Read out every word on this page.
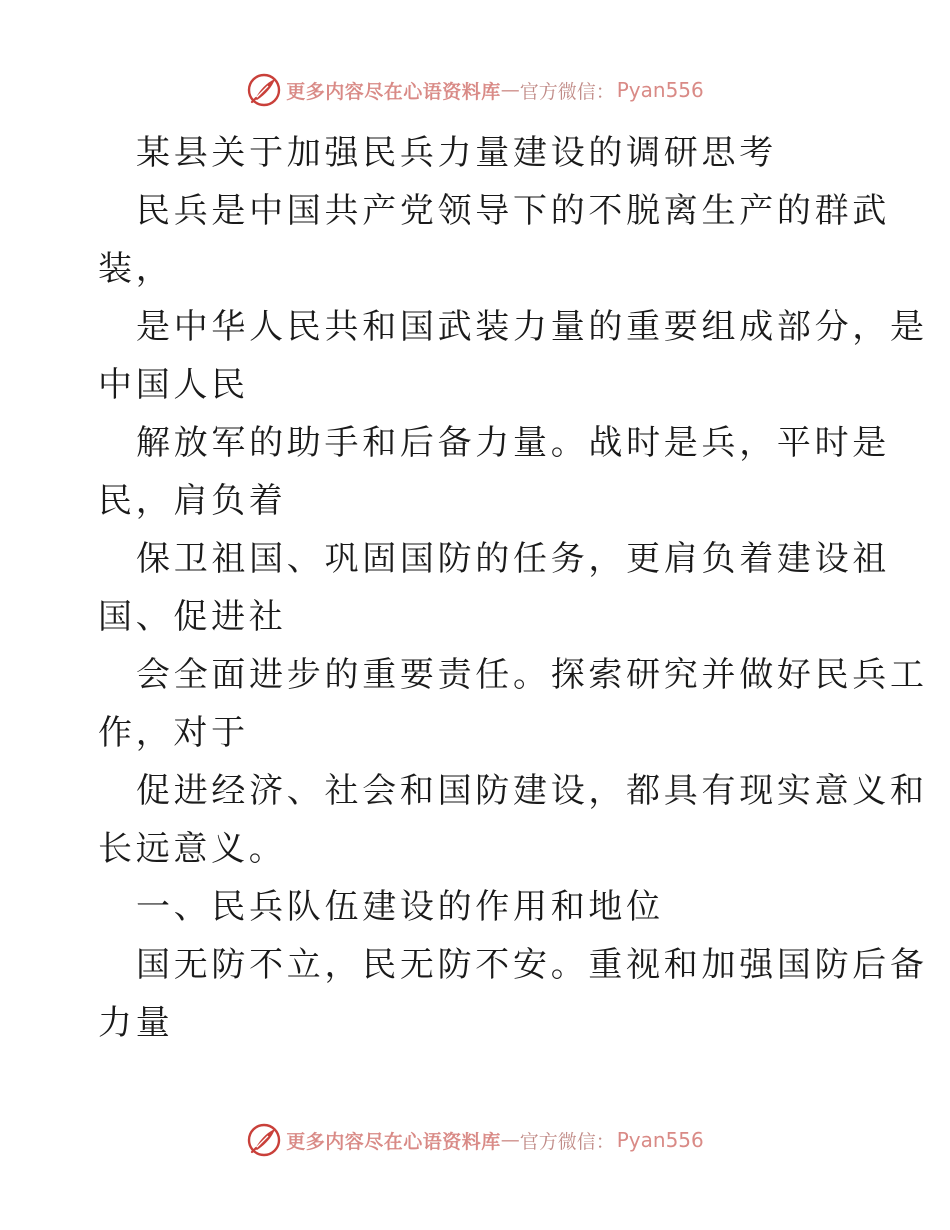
更多内容尽在心语资料库 — 官方微信： Pyan556
某县关于加强民兵力量建设的调研思考
民兵是中国共产党领导下的不脱离生产的群武
装，
是中华人民共和国武装力量的重要组成部分，是
中国人民
解放军的助手和后备力量。战时是兵，平时是
民，肩负着
保卫祖国、巩固国防的任务，更肩负着建设祖
国、促进社
会全面进步的重要责任。探索研究并做好民兵工
作，对于
促进经济、社会和国防建设，都具有现实意义和
长远意义。
一、民兵队伍建设的作用和地位
国无防不立，民无防不安。重视和加强国防后备
力量
更多内容尽在心语资料库 — 官方微信： Pyan556
